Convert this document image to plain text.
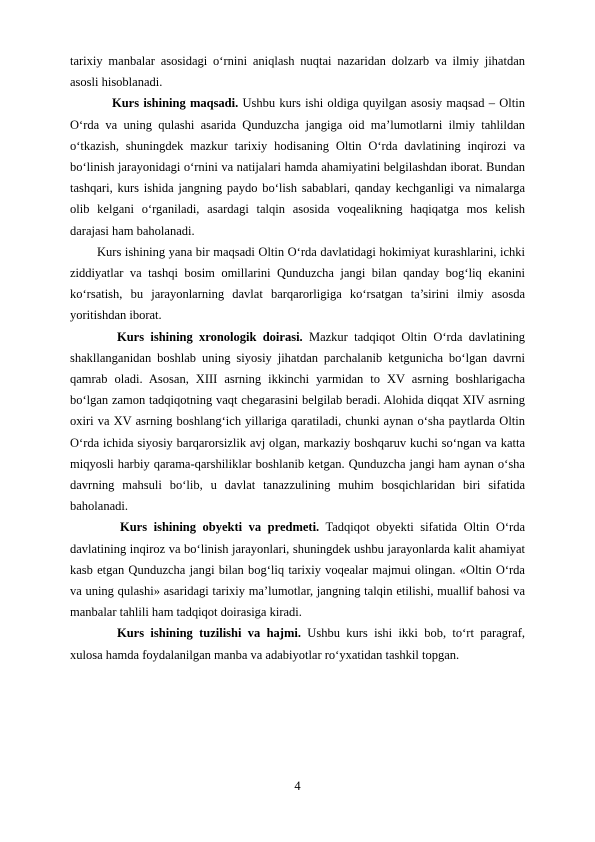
tarixiy manbalar asosidagi o‘rnini aniqlash nuqtai nazaridan dolzarb va ilmiy jihatdan asosli hisoblanadi.

Kurs ishining maqsadi. Ushbu kurs ishi oldiga quyilgan asosiy maqsad – Oltin O‘rda va uning qulashi asarida Qunduzcha jangiga oid ma’lumotlarni ilmiy tahlildan o‘tkazish, shuningdek mazkur tarixiy hodisaning Oltin O‘rda davlatining inqirozi va bo‘linish jarayonidagi o‘rnini va natijalari hamda ahamiyatini belgilashdan iborat. Bundan tashqari, kurs ishida jangning paydo bo‘lish sabablari, qanday kechganligi va nimalarga olib kelgani o‘rganiladi, asardagi talqin asosida voqealikning haqiqatga mos kelish darajasi ham baholanadi.

Kurs ishining yana bir maqsadi Oltin O‘rda davlatidagi hokimiyat kurashlarini, ichki ziddiyatlar va tashqi bosim omillarini Qunduzcha jangi bilan qanday bog‘liq ekanini ko‘rsatish, bu jarayonlarning davlat barqarorligiga ko‘rsatgan ta’sirini ilmiy asosda yoritishdan iborat.

Kurs ishining xronologik doirasi. Mazkur tadqiqot Oltin O‘rda davlatining shakllanganidan boshlab uning siyosiy jihatdan parchalanib ketgunicha bo‘lgan davrni qamrab oladi. Asosan, XIII asrning ikkinchi yarmidan to XV asrning boshlarigacha bo‘lgan zamon tadqiqotning vaqt chegarasini belgilab beradi. Alohida diqqat XIV asrning oxiri va XV asrning boshlang‘ich yillariga qaratiladi, chunki aynan o‘sha paytlarda Oltin O‘rda ichida siyosiy barqarorsizlik avj olgan, markaziy boshqaruv kuchi so‘ngan va katta miqyosli harbiy qarama-qarshiliklar boshlanib ketgan. Qunduzcha jangi ham aynan o‘sha davrning mahsuli bo‘lib, u davlat tanazzulining muhim bosqichlaridan biri sifatida baholanadi.

Kurs ishining obyekti va predmeti. Tadqiqot obyekti sifatida Oltin O‘rda davlatining inqiroz va bo‘linish jarayonlari, shuningdek ushbu jarayonlarda kalit ahamiyat kasb etgan Qunduzcha jangi bilan bog‘liq tarixiy voqealar majmui olingan. «Oltin O‘rda va uning qulashi» asaridagi tarixiy ma’lumotlar, jangning talqin etilishi, muallif bahosi va manbalar tahlili ham tadqiqot doirasiga kiradi.

Kurs ishining tuzilishi va hajmi. Ushbu kurs ishi ikki bob, to‘rt paragraf, xulosa hamda foydalanilgan manba va adabiyotlar ro‘yxatidan tashkil topgan.

4
